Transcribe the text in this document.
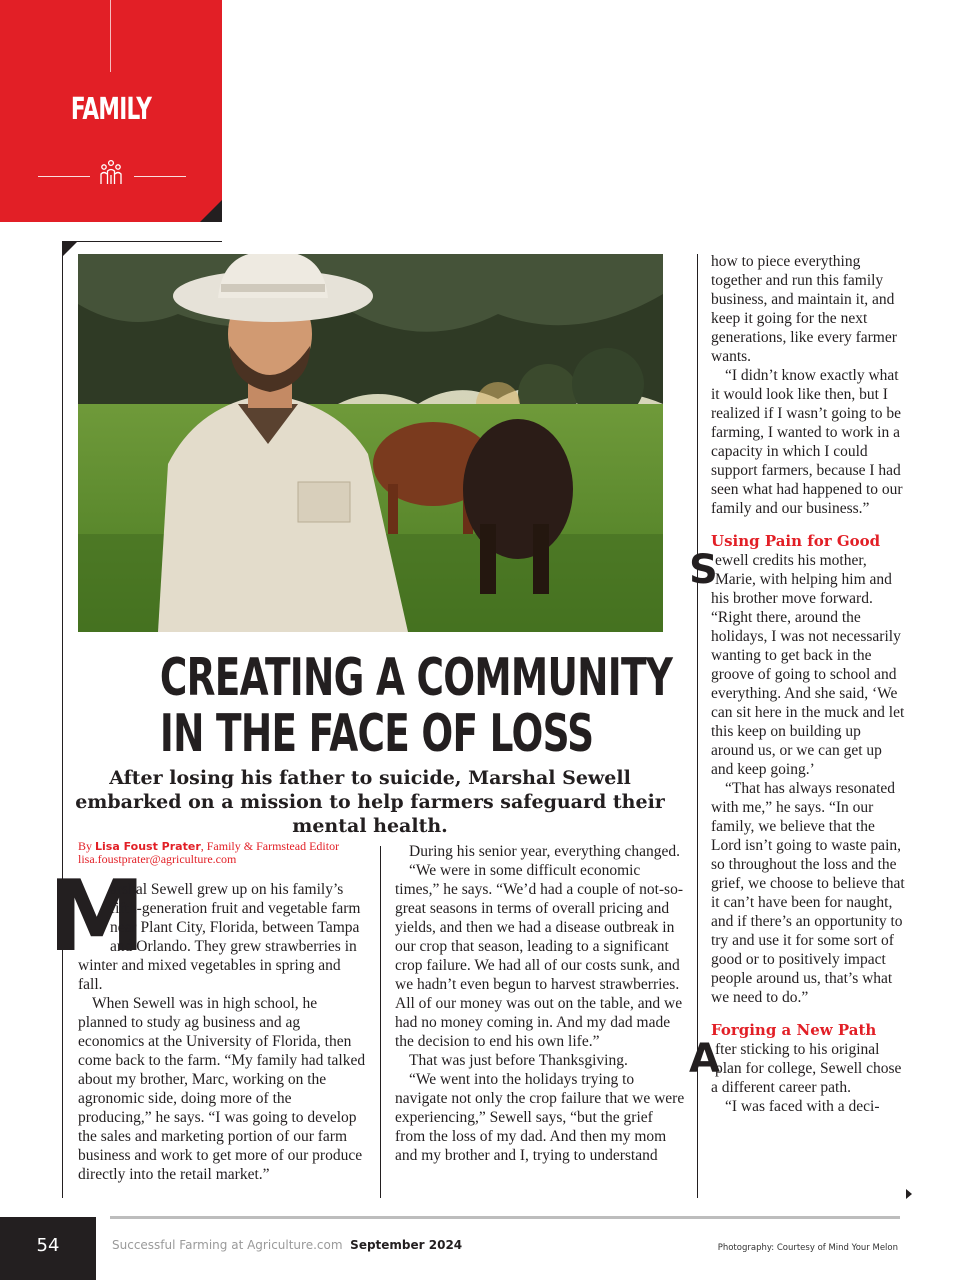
FAMILY
CREATING A COMMUNITY
IN THE FACE OF LOSS
After losing his father to suicide, Marshal Sewell embarked on a mission to help farmers safeguard their mental health.
By Lisa Foust Prater, Family & Farmstead Editor
lisa.foustprater@agriculture.com

M
arshal Sewell grew up on his family’s fifth-generation fruit and vegetable farm near Plant City, Florida, between Tampa and Orlando. They grew strawberries in winter and mixed vegetables in spring and fall.

When Sewell was in high school, he planned to study ag business and ag economics at the University of Florida, then come back to the farm. “My family had talked about my brother, Marc, working on the agronomic side, doing more of the producing,” he says. “I was going to develop the sales and marketing portion of our farm business and work to get more of our produce directly into the retail market.”

During his senior year, everything changed.

“We were in some difficult economic times,” he says. “We’d had a couple of not-so-great seasons in terms of overall pricing and yields, and then we had a disease outbreak in our crop that season, leading to a significant crop failure. We had all of our costs sunk, and we hadn’t even begun to harvest strawberries. All of our money was out on the table, and we had no money coming in. And my dad made the decision to end his own life.”

That was just before Thanksgiving.

“We went into the holidays trying to navigate not only the crop failure that we were experiencing,” Sewell says, “but the grief from the loss of my dad. And then my mom and my brother and I, trying to understand

how to piece everything together and run this family business, and maintain it, and keep it going for the next generations, like every farmer wants.

“I didn’t know exactly what it would look like then, but I realized if I wasn’t going to be farming, I wanted to work in a capacity in which I could support farmers, because I had seen what had happened to our family and our business.”

Using Pain for Good

S
ewell credits his mother, Marie, with helping him and his brother move forward. “Right there, around the holidays, I was not necessarily wanting to get back in the groove of going to school and everything. And she said, ‘We can sit here in the muck and let this keep on building up around us, or we can get up and keep going.’

“That has always resonated with me,” he says. “In our family, we believe that the Lord isn’t going to waste pain, so throughout the loss and the grief, we choose to believe that it can’t have been for naught, and if there’s an opportunity to try and use it for some sort of good or to positively impact people around us, that’s what we need to do.”

Forging a New Path

A
fter sticking to his original plan for college, Sewell chose a different career path.

“I was faced with a deci-

54	Successful Farming at Agriculture.com September 2024	Photography: Courtesy of Mind Your Melon
